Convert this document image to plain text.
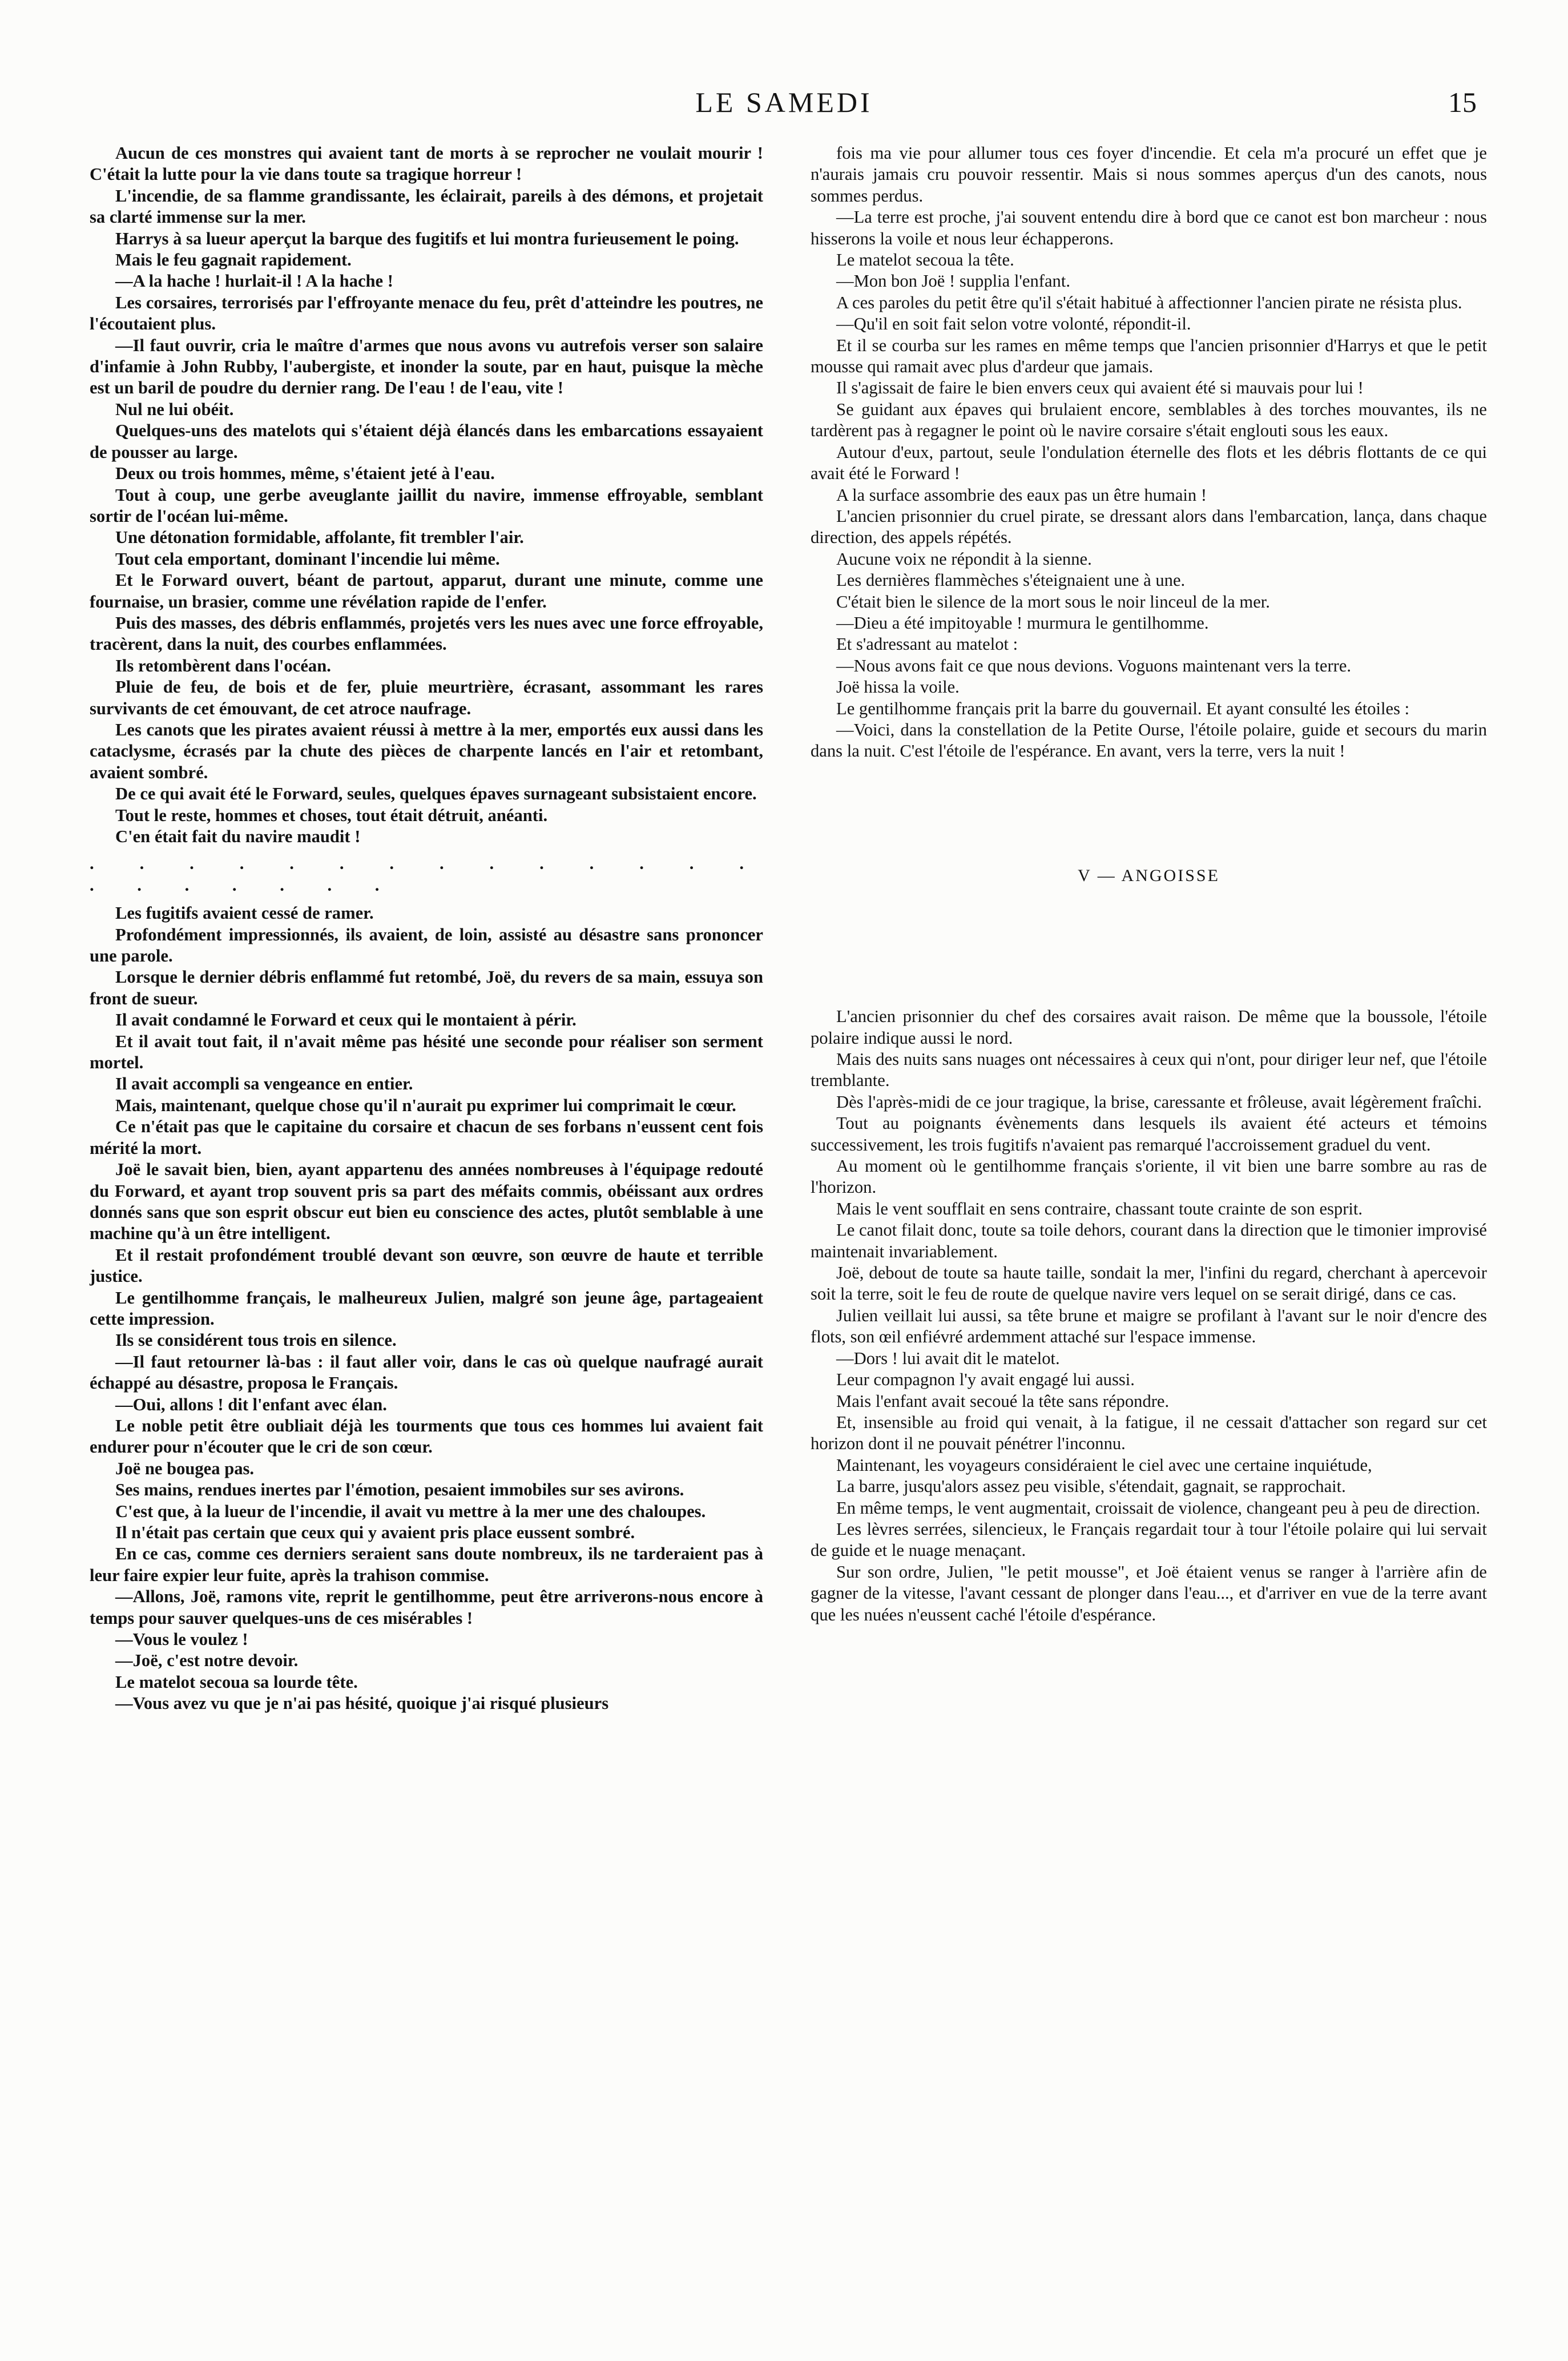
LE SAMEDI	15

Aucun de ces monstres qui avaient tant de morts à se reprocher ne voulait mourir ! C'était la lutte pour la vie dans toute sa tragique horreur !

L'incendie, de sa flamme grandissante, les éclairait, pareils à des démons, et projetait sa clarté immense sur la mer.

Harrys à sa lueur aperçut la barque des fugitifs et lui montra furieusement le poing.

Mais le feu gagnait rapidement.

—A la hache ! hurlait-il ! A la hache !

Les corsaires, terrorisés par l'effroyante menace du feu, prêt d'atteindre les poutres, ne l'écoutaient plus.

—Il faut ouvrir, cria le maître d'armes que nous avons vu autrefois verser son salaire d'infamie à John Rubby, l'aubergiste, et inonder la soute, par en haut, puisque la mèche est un baril de poudre du dernier rang. De l'eau ! de l'eau, vite !

Nul ne lui obéit.

Quelques-uns des matelots qui s'étaient déjà élancés dans les embarcations essayaient de pousser au large.

Deux ou trois hommes, même, s'étaient jeté à l'eau.

Tout à coup, une gerbe aveuglante jaillit du navire, immense effroyable, semblant sortir de l'océan lui-même.

Une détonation formidable, affolante, fit trembler l'air.

Tout cela emportant, dominant l'incendie lui même.

Et le Forward ouvert, béant de partout, apparut, durant une minute, comme une fournaise, un brasier, comme une révélation rapide de l'enfer.

Puis des masses, des débris enflammés, projetés vers les nues avec une force effroyable, tracèrent, dans la nuit, des courbes enflammées.

Ils retombèrent dans l'océan.

Pluie de feu, de bois et de fer, pluie meurtrière, écrasant, assommant les rares survivants de cet émouvant, de cet atroce naufrage.

Les canots que les pirates avaient réussi à mettre à la mer, emportés eux aussi dans les cataclysme, écrasés par la chute des pièces de charpente lancés en l'air et retombant, avaient sombré.

De ce qui avait été le Forward, seules, quelques épaves surnageant subsistaient encore.

Tout le reste, hommes et choses, tout était détruit, anéanti.

C'en était fait du navire maudit !

. . . . . . . . . . . . . . . . . . . . .

Les fugitifs avaient cessé de ramer.

Profondément impressionnés, ils avaient, de loin, assisté au désastre sans prononcer une parole.

Lorsque le dernier débris enflammé fut retombé, Joë, du revers de sa main, essuya son front de sueur.

Il avait condamné le Forward et ceux qui le montaient à périr.

Et il avait tout fait, il n'avait même pas hésité une seconde pour réaliser son serment mortel.

Il avait accompli sa vengeance en entier.

Mais, maintenant, quelque chose qu'il n'aurait pu exprimer lui comprimait le cœur.

Ce n'était pas que le capitaine du corsaire et chacun de ses forbans n'eussent cent fois mérité la mort.

Joë le savait bien, bien, ayant appartenu des années nombreuses à l'équipage redouté du Forward, et ayant trop souvent pris sa part des méfaits commis, obéissant aux ordres donnés sans que son esprit obscur eut bien eu conscience des actes, plutôt semblable à une machine qu'à un être intelligent.

Et il restait profondément troublé devant son œuvre, son œuvre de haute et terrible justice.

Le gentilhomme français, le malheureux Julien, malgré son jeune âge, partageaient cette impression.

Ils se considérent tous trois en silence.

—Il faut retourner là-bas : il faut aller voir, dans le cas où quelque naufragé aurait échappé au désastre, proposa le Français.

—Oui, allons ! dit l'enfant avec élan.

Le noble petit être oubliait déjà les tourments que tous ces hommes lui avaient fait endurer pour n'écouter que le cri de son cœur.

Joë ne bougea pas.

Ses mains, rendues inertes par l'émotion, pesaient immobiles sur ses avirons.

C'est que, à la lueur de l'incendie, il avait vu mettre à la mer une des chaloupes.

Il n'était pas certain que ceux qui y avaient pris place eussent sombré.

En ce cas, comme ces derniers seraient sans doute nombreux, ils ne tarderaient pas à leur faire expier leur fuite, après la trahison commise.

—Allons, Joë, ramons vite, reprit le gentilhomme, peut être arriverons-nous encore à temps pour sauver quelques-uns de ces misérables !

—Vous le voulez !

—Joë, c'est notre devoir.

Le matelot secoua sa lourde tête.

—Vous avez vu que je n'ai pas hésité, quoique j'ai risqué plusieurs

fois ma vie pour allumer tous ces foyer d'incendie. Et cela m'a procuré un effet que je n'aurais jamais cru pouvoir ressentir. Mais si nous sommes aperçus d'un des canots, nous sommes perdus.

—La terre est proche, j'ai souvent entendu dire à bord que ce canot est bon marcheur : nous hisserons la voile et nous leur échapperons.

Le matelot secoua la tête.

—Mon bon Joë ! supplia l'enfant.

A ces paroles du petit être qu'il s'était habitué à affectionner l'ancien pirate ne résista plus.

—Qu'il en soit fait selon votre volonté, répondit-il.

Et il se courba sur les rames en même temps que l'ancien prisonnier d'Harrys et que le petit mousse qui ramait avec plus d'ardeur que jamais.

Il s'agissait de faire le bien envers ceux qui avaient été si mauvais pour lui !

Se guidant aux épaves qui brulaient encore, semblables à des torches mouvantes, ils ne tardèrent pas à regagner le point où le navire corsaire s'était englouti sous les eaux.

Autour d'eux, partout, seule l'ondulation éternelle des flots et les débris flottants de ce qui avait été le Forward !

A la surface assombrie des eaux pas un être humain !

L'ancien prisonnier du cruel pirate, se dressant alors dans l'embarcation, lança, dans chaque direction, des appels répétés.

Aucune voix ne répondit à la sienne.

Les dernières flammèches s'éteignaient une à une.

C'était bien le silence de la mort sous le noir linceul de la mer.

—Dieu a été impitoyable ! murmura le gentilhomme.

Et s'adressant au matelot :

—Nous avons fait ce que nous devions. Voguons maintenant vers la terre.

Joë hissa la voile.

Le gentilhomme français prit la barre du gouvernail. Et ayant consulté les étoiles :

—Voici, dans la constellation de la Petite Ourse, l'étoile polaire, guide et secours du marin dans la nuit. C'est l'étoile de l'espérance. En avant, vers la terre, vers la nuit !

V — ANGOISSE

L'ancien prisonnier du chef des corsaires avait raison. De même que la boussole, l'étoile polaire indique aussi le nord.

Mais des nuits sans nuages ont nécessaires à ceux qui n'ont, pour diriger leur nef, que l'étoile tremblante.

Dès l'après-midi de ce jour tragique, la brise, caressante et frôleuse, avait légèrement fraîchi.

Tout au poignants évènements dans lesquels ils avaient été acteurs et témoins successivement, les trois fugitifs n'avaient pas remarqué l'accroissement graduel du vent.

Au moment où le gentilhomme français s'oriente, il vit bien une barre sombre au ras de l'horizon.

Mais le vent soufflait en sens contraire, chassant toute crainte de son esprit.

Le canot filait donc, toute sa toile dehors, courant dans la direction que le timonier improvisé maintenait invariablement.

Joë, debout de toute sa haute taille, sondait la mer, l'infini du regard, cherchant à apercevoir soit la terre, soit le feu de route de quelque navire vers lequel on se serait dirigé, dans ce cas.

Julien veillait lui aussi, sa tête brune et maigre se profilant à l'avant sur le noir d'encre des flots, son œil enfiévré ardemment attaché sur l'espace immense.

—Dors ! lui avait dit le matelot.

Leur compagnon l'y avait engagé lui aussi.

Mais l'enfant avait secoué la tête sans répondre.

Et, insensible au froid qui venait, à la fatigue, il ne cessait d'attacher son regard sur cet horizon dont il ne pouvait pénétrer l'inconnu.

Maintenant, les voyageurs considéraient le ciel avec une certaine inquiétude,

La barre, jusqu'alors assez peu visible, s'étendait, gagnait, se rapprochait.

En même temps, le vent augmentait, croissait de violence, changeant peu à peu de direction.

Les lèvres serrées, silencieux, le Français regardait tour à tour l'étoile polaire qui lui servait de guide et le nuage menaçant.

Sur son ordre, Julien, "le petit mousse", et Joë étaient venus se ranger à l'arrière afin de gagner de la vitesse, l'avant cessant de plonger dans l'eau..., et d'arriver en vue de la terre avant que les nuées n'eussent caché l'étoile d'espérance.
